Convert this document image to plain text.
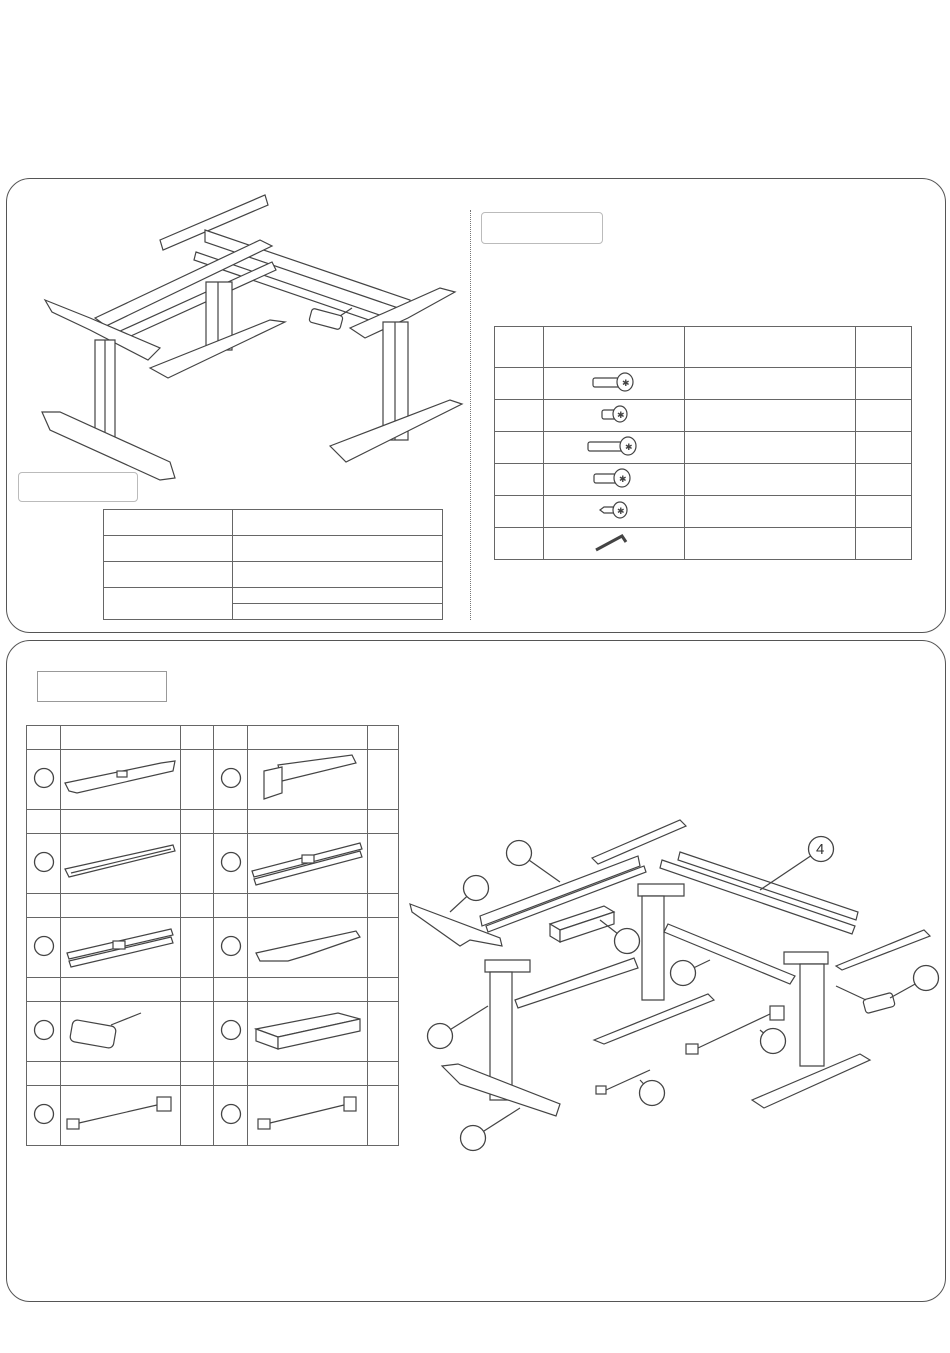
✱		

✱		

✱		

✱		

✱		

4
